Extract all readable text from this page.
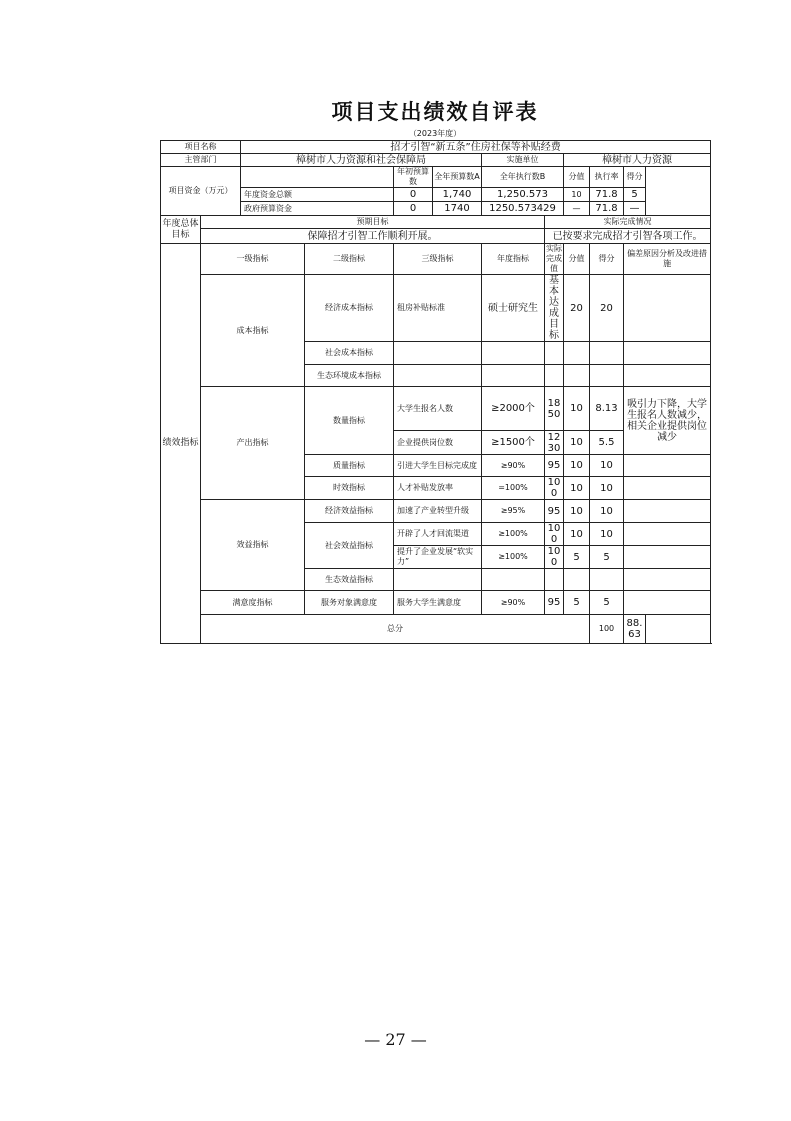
项目支出绩效自评表
（2023年度）
项目名称		招才引智“新五条”住房社保等补贴经费									
主管部门		樟树市人力资源和社会保障局				实施单位		樟树市人力资源			
项目资金（万元）				年初预算数	全年预算数A	全年执行数B		分值	执行率	得分	
		年度资金总额		0	1,740	1,250.573		10	71.8	5	
		政府预算资金		0	1740	1250.573429		—	71.8	—	
年度总体目标	预期目标						实际完成情况				
	保障招才引智工作顺利开展。						已按要求完成招才引智各项工作。				
绩效指标	一级指标		二级指标	三级指标		年度指标	实际完成值	分值	得分	偏差原因分析及改进措施	
	成本指标		经济成本指标	租房补贴标准		硕士研究生	基本达成目标	20	20		
			社会成本指标								
			生态环境成本指标								
	产出指标		数量指标	大学生报名人数		≥2000个	1850	10	8.13	吸引力下降，大学生报名人数减少，相关企业提供岗位减少	
				企业提供岗位数		≥1500个	1230	10	5.5		
			质量指标	引进大学生目标完成度		≥90%	95	10	10		
			时效指标	人才补贴发放率		=100%	100	10	10		
	效益指标		经济效益指标	加速了产业转型升级		≥95%	95	10	10		
			社会效益指标	开辟了人才回流渠道		≥100%	100	10	10		
				提升了企业发展“软实力”		≥100%	100	5	5		
			生态效益指标								
	满意度指标		服务对象满意度	服务大学生满意度		≥90%	95	5	5		
	总分								100	88.63	
— 27 —
